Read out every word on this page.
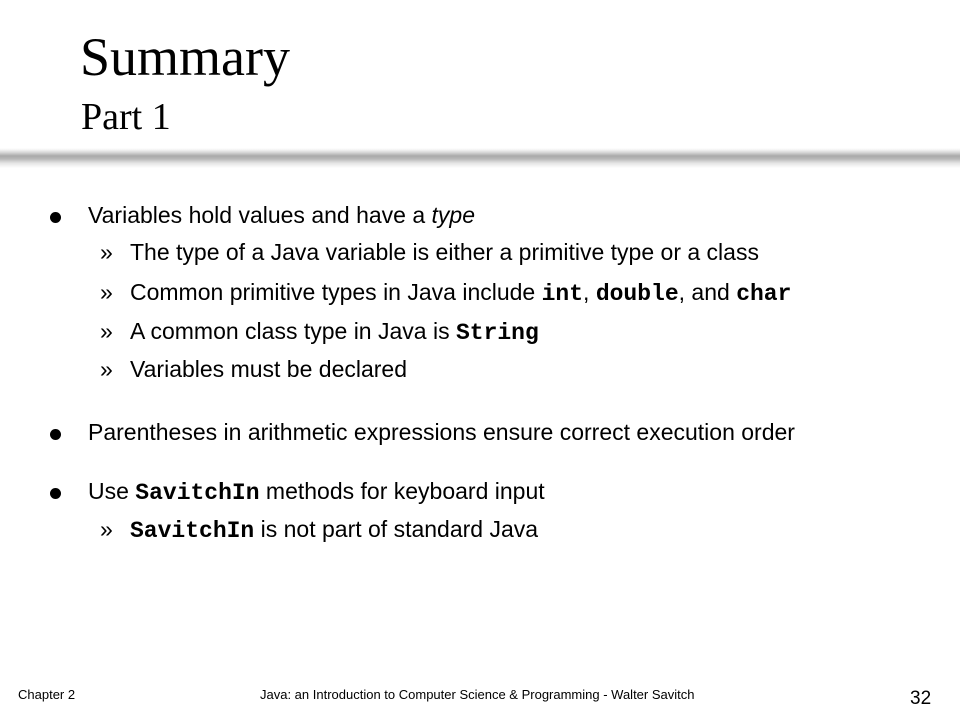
Summary
Part 1
Variables hold values and have a type
» The type of a Java variable is either a primitive type or a class
» Common primitive types in Java include int, double, and char
» A common class type in Java is String
» Variables must be declared
Parentheses in arithmetic expressions ensure correct execution order
Use SavitchIn methods for keyboard input
» SavitchIn is not part of standard Java
Chapter 2	Java: an Introduction to Computer Science & Programming - Walter Savitch	32
